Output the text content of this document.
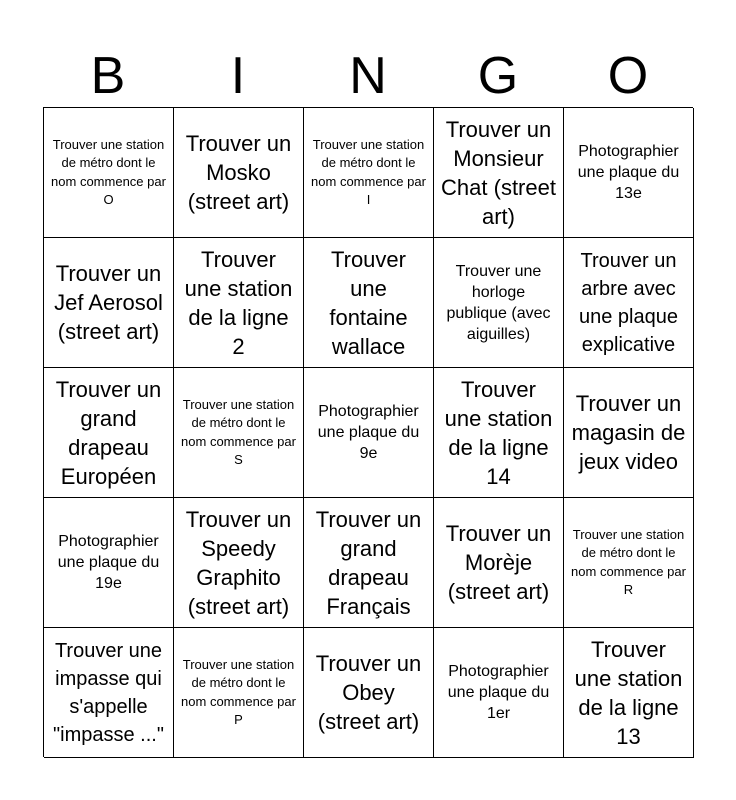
B	I	N	G	O
Trouver une station de métro dont le nom commence par O
Trouver un Mosko (street art)
Trouver une station de métro dont le nom commence par I
Trouver un Monsieur Chat (street art)
Photographier une plaque du 13e
Trouver un Jef Aerosol (street art)
Trouver une station de la ligne 2
Trouver une fontaine wallace
Trouver une horloge publique (avec aiguilles)
Trouver un arbre avec une plaque explicative
Trouver un grand drapeau Européen
Trouver une station de métro dont le nom commence par S
Photographier une plaque du 9e
Trouver une station de la ligne 14
Trouver un magasin de jeux video
Photographier une plaque du 19e
Trouver un Speedy Graphito (street art)
Trouver un grand drapeau Français
Trouver un Morèje (street art)
Trouver une station de métro dont le nom commence par R
Trouver une impasse qui s'appelle "impasse ..."
Trouver une station de métro dont le nom commence par P
Trouver un Obey (street art)
Photographier une plaque du 1er
Trouver une station de la ligne 13
